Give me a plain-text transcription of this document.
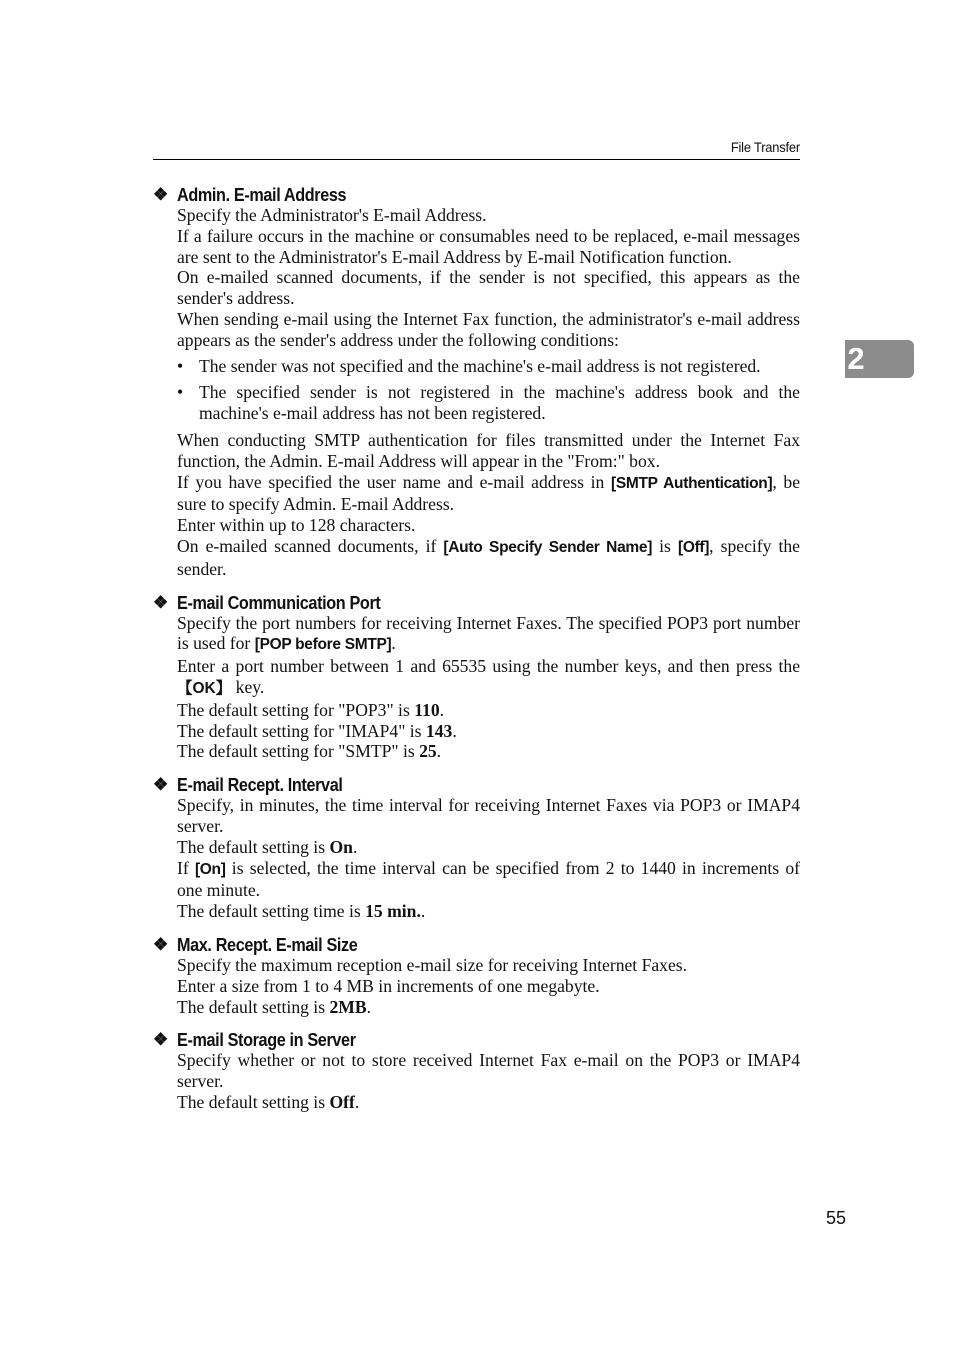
File Transfer
2
❖ Admin. E-mail Address

Specify the Administrator's E-mail Address.

If a failure occurs in the machine or consumables need to be replaced, e-mail messages are sent to the Administrator's E-mail Address by E-mail Notification function.

On e-mailed scanned documents, if the sender is not specified, this appears as the sender's address.

When sending e-mail using the Internet Fax function, the administrator's e-mail address appears as the sender's address under the following conditions:

• The sender was not specified and the machine's e-mail address is not registered.
• The specified sender is not registered in the machine's address book and the machine's e-mail address has not been registered.

When conducting SMTP authentication for files transmitted under the Internet Fax function, the Admin. E-mail Address will appear in the "From:" box.

If you have specified the user name and e-mail address in [SMTP Authentication], be sure to specify Admin. E-mail Address.

Enter within up to 128 characters.

On e-mailed scanned documents, if [Auto Specify Sender Name] is [Off], specify the sender.

❖ E-mail Communication Port

Specify the port numbers for receiving Internet Faxes. The specified POP3 port number is used for [POP before SMTP].

Enter a port number between 1 and 65535 using the number keys, and then press the 【OK】 key.

The default setting for "POP3" is 110.

The default setting for "IMAP4" is 143.

The default setting for "SMTP" is 25.

❖ E-mail Recept. Interval

Specify, in minutes, the time interval for receiving Internet Faxes via POP3 or IMAP4 server.

The default setting is On.

If [On] is selected, the time interval can be specified from 2 to 1440 in increments of one minute.

The default setting time is 15 min..

❖ Max. Recept. E-mail Size

Specify the maximum reception e-mail size for receiving Internet Faxes.

Enter a size from 1 to 4 MB in increments of one megabyte.

The default setting is 2MB.

❖ E-mail Storage in Server

Specify whether or not to store received Internet Fax e-mail on the POP3 or IMAP4 server.

The default setting is Off.

55
